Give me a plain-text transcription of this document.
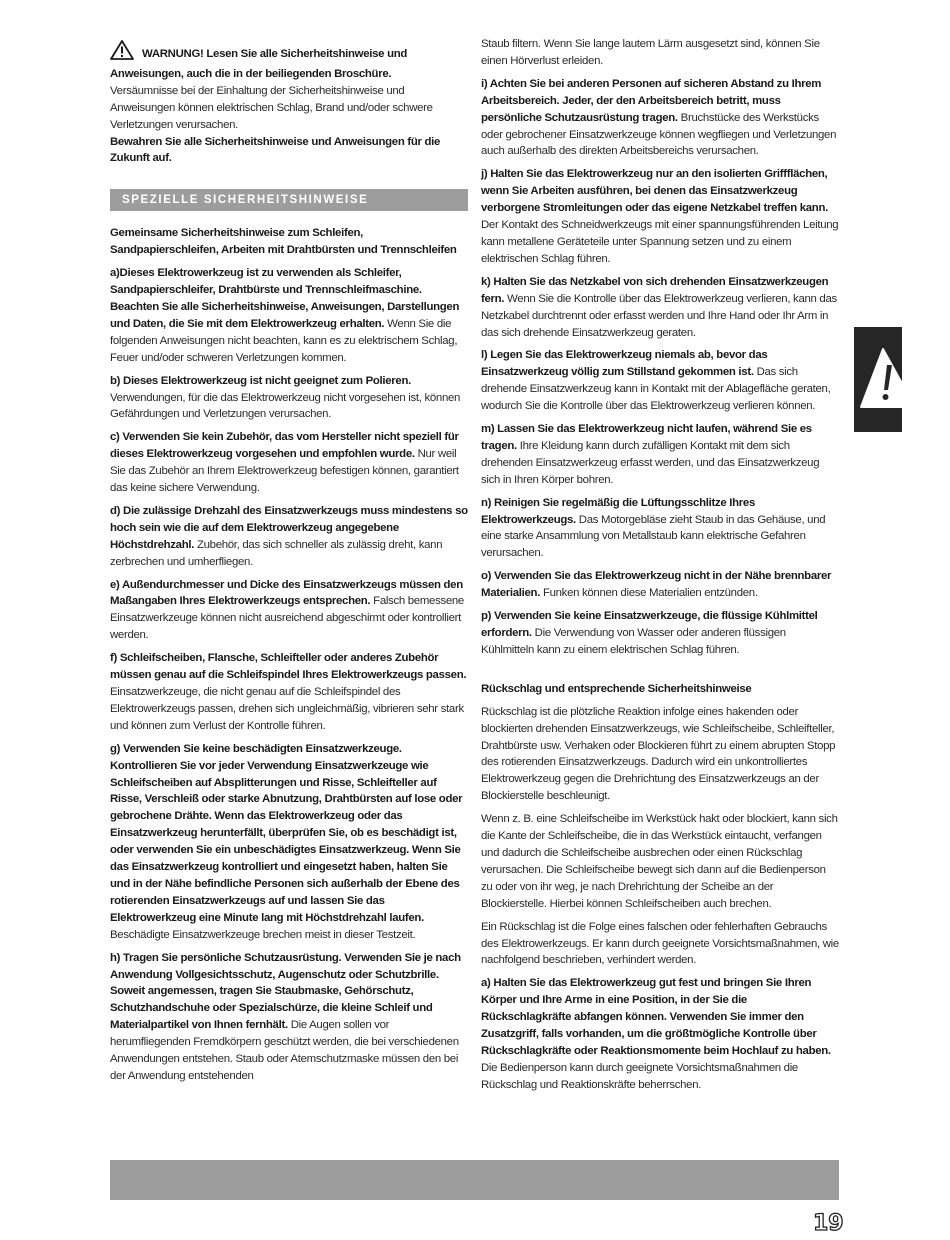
WARNUNG! Lesen Sie alle Sicherheitshinweise und Anweisungen, auch die in der beiliegenden Broschüre.
Versäumnisse bei der Einhaltung der Sicherheitshinweise und Anweisungen können elektrischen Schlag, Brand und/oder schwere Verletzungen verursachen.
Bewahren Sie alle Sicherheitshinweise und Anweisungen für die Zukunft auf.
SPEZIELLE SICHERHEITSHINWEISE

Gemeinsame Sicherheitshinweise zum Schleifen, Sandpapierschleifen, Arbeiten mit Drahtbürsten und Trennschleifen

a)Dieses Elektrowerkzeug ist zu verwenden als Schleifer, Sandpapierschleifer, Drahtbürste und Trennschleifmaschine. Beachten Sie alle Sicherheitshinweise, Anweisungen, Darstellungen und Daten, die Sie mit dem Elektrowerkzeug erhalten. Wenn Sie die folgenden Anweisungen nicht beachten, kann es zu elektrischem Schlag, Feuer und/oder schweren Verletzungen kommen.

b) Dieses Elektrowerkzeug ist nicht geeignet zum Polieren. Verwendungen, für die das Elektrowerkzeug nicht vorgesehen ist, können Gefährdungen und Verletzungen verursachen.

c) Verwenden Sie kein Zubehör, das vom Hersteller nicht speziell für dieses Elektrowerkzeug vorgesehen und empfohlen wurde. Nur weil Sie das Zubehör an Ihrem Elektrowerkzeug befestigen können, garantiert das keine sichere Verwendung.

d) Die zulässige Drehzahl des Einsatzwerkzeugs muss mindestens so hoch sein wie die auf dem Elektrowerkzeug angegebene Höchstdrehzahl. Zubehör, das sich schneller als zulässig dreht, kann zerbrechen und umherfliegen.

e) Außendurchmesser und Dicke des Einsatzwerkzeugs müssen den Maßangaben Ihres Elektrowerkzeugs entsprechen. Falsch bemessene Einsatzwerkzeuge können nicht ausreichend abgeschirmt oder kontrolliert werden.

f) Schleifscheiben, Flansche, Schleifteller oder anderes Zubehör müssen genau auf die Schleifspindel Ihres Elektrowerkzeugs passen. Einsatzwerkzeuge, die nicht genau auf die Schleifspindel des Elektrowerkzeugs passen, drehen sich ungleichmäßig, vibrieren sehr stark und können zum Verlust der Kontrolle führen.

g) Verwenden Sie keine beschädigten Einsatzwerkzeuge. Kontrollieren Sie vor jeder Verwendung Einsatzwerkzeuge wie Schleifscheiben auf Absplitterungen und Risse, Schleifteller auf Risse, Verschleiß oder starke Abnutzung, Drahtbürsten auf lose oder gebrochene Drähte. Wenn das Elektrowerkzeug oder das Einsatzwerkzeug herunterfällt, überprüfen Sie, ob es beschädigt ist, oder verwenden Sie ein unbeschädigtes Einsatzwerkzeug. Wenn Sie das Einsatzwerkzeug kontrolliert und eingesetzt haben, halten Sie und in der Nähe befindliche Personen sich außerhalb der Ebene des rotierenden Einsatzwerkzeugs auf und lassen Sie das Elektrowerkzeug eine Minute lang mit Höchstdrehzahl laufen. Beschädigte Einsatzwerkzeuge brechen meist in dieser Testzeit.

h) Tragen Sie persönliche Schutzausrüstung. Verwenden Sie je nach Anwendung Vollgesichtsschutz, Augenschutz oder Schutzbrille. Soweit angemessen, tragen Sie Staubmaske, Gehörschutz, Schutzhandschuhe oder Spezialschürze, die kleine Schleif und Materialpartikel von Ihnen fernhält. Die Augen sollen vor herumfliegenden Fremdkörpern geschützt werden, die bei verschiedenen Anwendungen entstehen. Staub oder Atemschutzmaske müssen den bei der Anwendung entstehenden

Staub filtern. Wenn Sie lange lautem Lärm ausgesetzt sind, können Sie einen Hörverlust erleiden.

i) Achten Sie bei anderen Personen auf sicheren Abstand zu Ihrem Arbeitsbereich. Jeder, der den Arbeitsbereich betritt, muss persönliche Schutzausrüstung tragen. Bruchstücke des Werkstücks oder gebrochener Einsatzwerkzeuge können wegfliegen und Verletzungen auch außerhalb des direkten Arbeitsbereichs verursachen.

j) Halten Sie das Elektrowerkzeug nur an den isolierten Griffflächen, wenn Sie Arbeiten ausführen, bei denen das Einsatzwerkzeug verborgene Stromleitungen oder das eigene Netzkabel treffen kann. Der Kontakt des Schneidwerkzeugs mit einer spannungsführenden Leitung kann metallene Geräteteile unter Spannung setzen und zu einem elektrischen Schlag führen.

k) Halten Sie das Netzkabel von sich drehenden Einsatzwerkzeugen fern. Wenn Sie die Kontrolle über das Elektrowerkzeug verlieren, kann das Netzkabel durchtrennt oder erfasst werden und Ihre Hand oder Ihr Arm in das sich drehende Einsatzwerkzeug geraten.

l) Legen Sie das Elektrowerkzeug niemals ab, bevor das Einsatzwerkzeug völlig zum Stillstand gekommen ist. Das sich drehende Einsatzwerkzeug kann in Kontakt mit der Ablagefläche geraten, wodurch Sie die Kontrolle über das Elektrowerkzeug verlieren können.

m) Lassen Sie das Elektrowerkzeug nicht laufen, während Sie es tragen. Ihre Kleidung kann durch zufälligen Kontakt mit dem sich drehenden Einsatzwerkzeug erfasst werden, und das Einsatzwerkzeug sich in Ihren Körper bohren.

n) Reinigen Sie regelmäßig die Lüftungsschlitze Ihres Elektrowerkzeugs. Das Motorgebläse zieht Staub in das Gehäuse, und eine starke Ansammlung von Metallstaub kann elektrische Gefahren verursachen.

o) Verwenden Sie das Elektrowerkzeug nicht in der Nähe brennbarer Materialien. Funken können diese Materialien entzünden.

p) Verwenden Sie keine Einsatzwerkzeuge, die flüssige Kühlmittel erfordern. Die Verwendung von Wasser oder anderen flüssigen Kühlmitteln kann zu einem elektrischen Schlag führen.

Rückschlag und entsprechende Sicherheitshinweise

Rückschlag ist die plötzliche Reaktion infolge eines hakenden oder blockierten drehenden Einsatzwerkzeugs, wie Schleifscheibe, Schleifteller, Drahtbürste usw. Verhaken oder Blockieren führt zu einem abrupten Stopp des rotierenden Einsatzwerkzeugs. Dadurch wird ein unkontrolliertes Elektrowerkzeug gegen die Drehrichtung des Einsatzwerkzeugs an der Blockierstelle beschleunigt.

Wenn z. B. eine Schleifscheibe im Werkstück hakt oder blockiert, kann sich die Kante der Schleifscheibe, die in das Werkstück eintaucht, verfangen und dadurch die Schleifscheibe ausbrechen oder einen Rückschlag verursachen. Die Schleifscheibe bewegt sich dann auf die Bedienperson zu oder von ihr weg, je nach Drehrichtung der Scheibe an der Blockierstelle. Hierbei können Schleifscheiben auch brechen.

Ein Rückschlag ist die Folge eines falschen oder fehlerhaften Gebrauchs des Elektrowerkzeugs. Er kann durch geeignete Vorsichtsmaßnahmen, wie nachfolgend beschrieben, verhindert werden.

a) Halten Sie das Elektrowerkzeug gut fest und bringen Sie Ihren Körper und Ihre Arme in eine Position, in der Sie die Rückschlagkräfte abfangen können. Verwenden Sie immer den Zusatzgriff, falls vorhanden, um die größtmögliche Kontrolle über Rückschlagkräfte oder Reaktionsmomente beim Hochlauf zu haben. Die Bedienperson kann durch geeignete Vorsichtsmaßnahmen die Rückschlag und Reaktionskräfte beherrschen.

19
